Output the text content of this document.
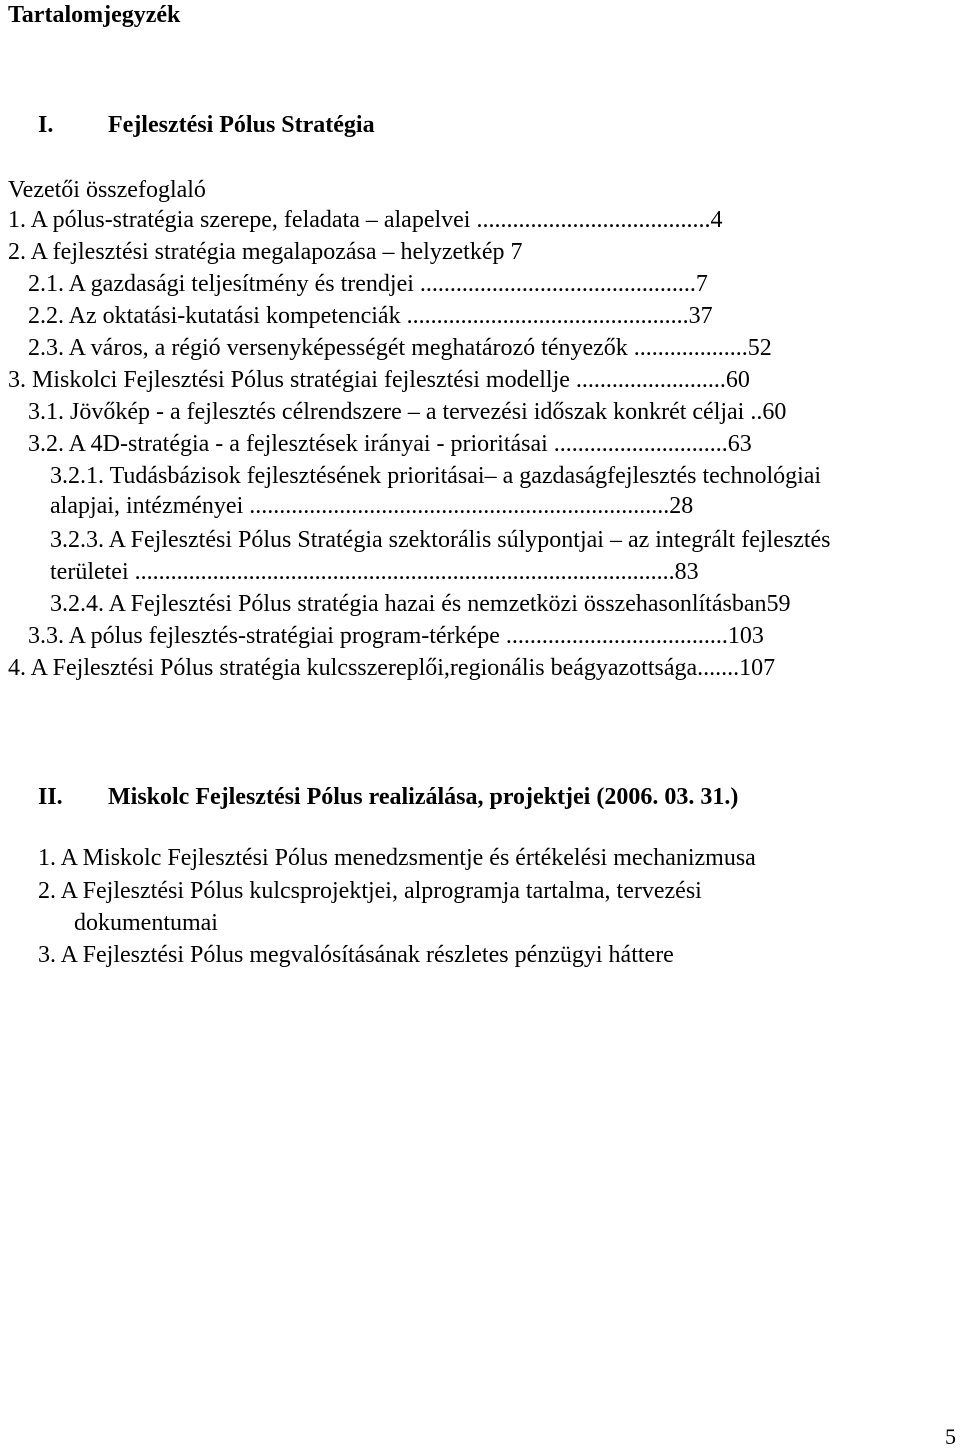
Tartalomjegyzék
I. Fejlesztési Pólus Stratégia
Vezetői összefoglaló
1. A pólus-stratégia szerepe, feladata – alapelvei .......................................4
2. A fejlesztési stratégia megalapozása – helyzetkép 7
2.1. A gazdasági teljesítmény és trendjei ..............................................7
2.2. Az oktatási-kutatási kompetenciák ...............................................37
2.3. A város, a régió versenyképességét meghatározó tényezők ...................52
3. Miskolci Fejlesztési Pólus stratégiai fejlesztési modellje .........................60
3.1. Jövőkép - a fejlesztés célrendszere – a tervezési időszak konkrét céljai ..60
3.2. A 4D-stratégia - a fejlesztések irányai - prioritásai .............................63
3.2.1. Tudásbázisok fejlesztésének prioritásai– a gazdaságfejlesztés technológiai
alapjai, intézményei ......................................................................28
3.2.3. A Fejlesztési Pólus Stratégia szektorális súlypontjai – az integrált fejlesztés
területei ..........................................................................................83
3.2.4. A Fejlesztési Pólus stratégia hazai és nemzetközi összehasonlításban59
3.3. A pólus fejlesztés-stratégiai program-térképe .....................................103
4. A Fejlesztési Pólus stratégia kulcsszereplői,regionális beágyazottsága.......107
II. Miskolc Fejlesztési Pólus realizálása, projektjei (2006. 03. 31.)
1. A Miskolc Fejlesztési Pólus menedzsmentje és értékelési mechanizmusa
2. A Fejlesztési Pólus kulcsprojektjei, alprogramja tartalma, tervezési
dokumentumai
3. A Fejlesztési Pólus megvalósításának részletes pénzügyi háttere
5
